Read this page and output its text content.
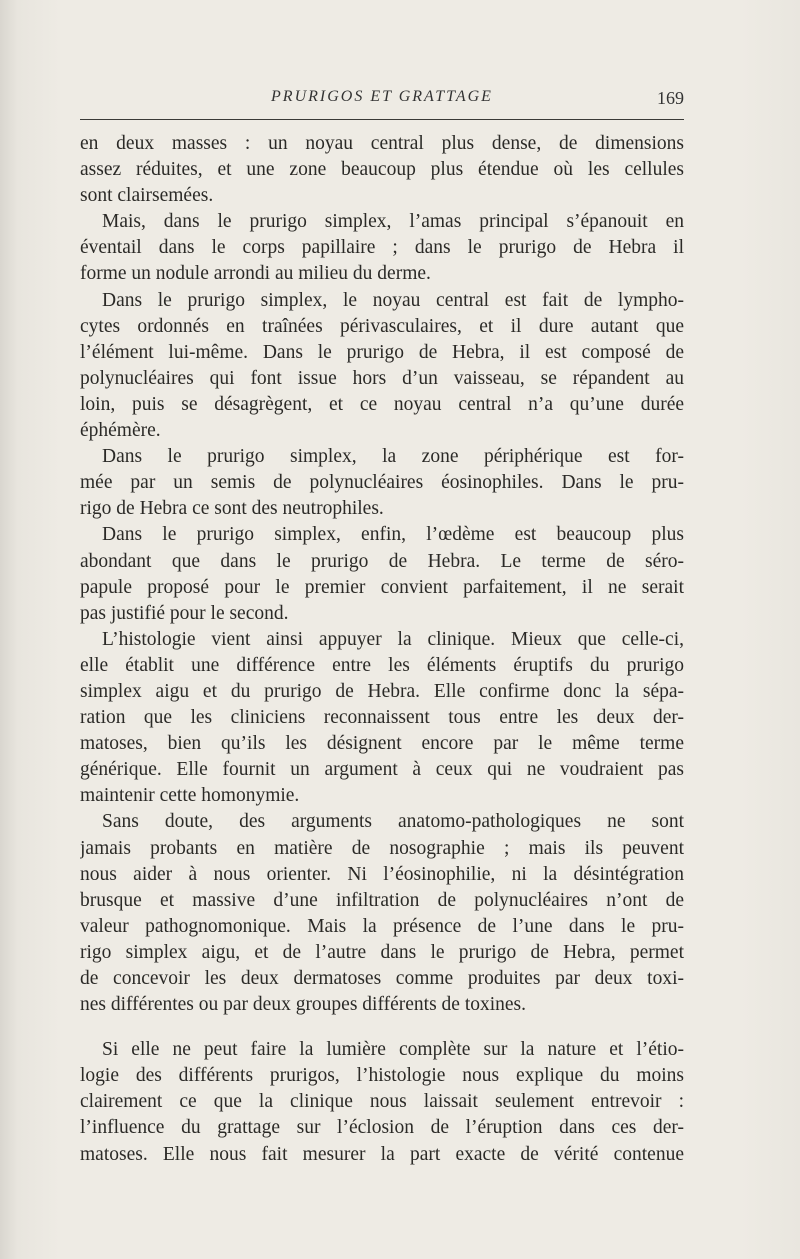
PRURIGOS ET GRATTAGE	169
en deux masses : un noyau central plus dense, de dimensions
assez réduites, et une zone beaucoup plus étendue où les cellules
sont clairsemées.
Mais, dans le prurigo simplex, l’amas principal s’épanouit en
éventail dans le corps papillaire ; dans le prurigo de Hebra il
forme un nodule arrondi au milieu du derme.
Dans le prurigo simplex, le noyau central est fait de lympho-
cytes ordonnés en traînées périvasculaires, et il dure autant que
l’élément lui-même. Dans le prurigo de Hebra, il est composé de
polynucléaires qui font issue hors d’un vaisseau, se répandent au
loin, puis se désagrègent, et ce noyau central n’a qu’une durée
éphémère.
Dans le prurigo simplex, la zone périphérique est for-
mée par un semis de polynucléaires éosinophiles. Dans le pru-
rigo de Hebra ce sont des neutrophiles.
Dans le prurigo simplex, enfin, l’œdème est beaucoup plus
abondant que dans le prurigo de Hebra. Le terme de séro-
papule proposé pour le premier convient parfaitement, il ne serait
pas justifié pour le second.
L’histologie vient ainsi appuyer la clinique. Mieux que celle-ci,
elle établit une différence entre les éléments éruptifs du prurigo
simplex aigu et du prurigo de Hebra. Elle confirme donc la sépa-
ration que les cliniciens reconnaissent tous entre les deux der-
matoses, bien qu’ils les désignent encore par le même terme
générique. Elle fournit un argument à ceux qui ne voudraient pas
maintenir cette homonymie.
Sans doute, des arguments anatomo-pathologiques ne sont
jamais probants en matière de nosographie ; mais ils peuvent
nous aider à nous orienter. Ni l’éosinophilie, ni la désintégration
brusque et massive d’une infiltration de polynucléaires n’ont de
valeur pathognomonique. Mais la présence de l’une dans le pru-
rigo simplex aigu, et de l’autre dans le prurigo de Hebra, permet
de concevoir les deux dermatoses comme produites par deux toxi-
nes différentes ou par deux groupes différents de toxines.
Si elle ne peut faire la lumière complète sur la nature et l’étio-
logie des différents prurigos, l’histologie nous explique du moins
clairement ce que la clinique nous laissait seulement entrevoir :
l’influence du grattage sur l’éclosion de l’éruption dans ces der-
matoses. Elle nous fait mesurer la part exacte de vérité contenue
